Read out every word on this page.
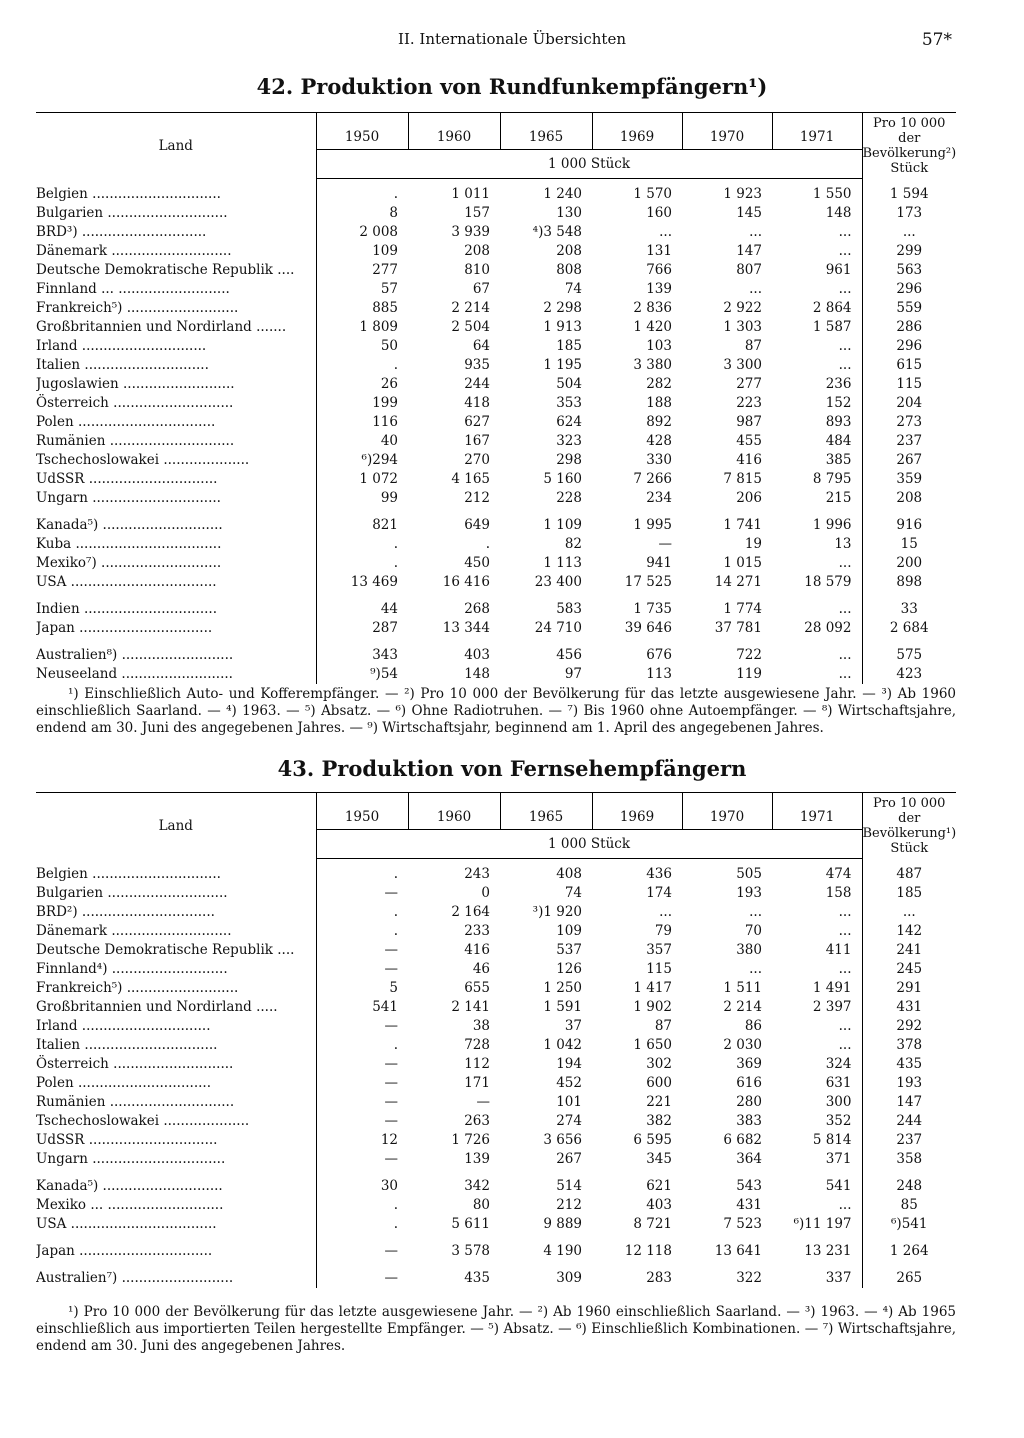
II. Internationale Übersichten	57*
42. Produktion von Rundfunkempfängern¹)
Land	1950	1960	1965	1969	1970	1971	Pro 10 000 der Bevölkerung²) Stück
	1 000 Stück						
Belgien ..............................	.	1 011	1 240	1 570	1 923	1 550	1 594
Bulgarien ............................	8	157	130	160	145	148	173
BRD³) .............................	2 008	3 939	⁴)3 548	...	...	...	...
Dänemark ............................	109	208	208	131	147	...	299
Deutsche Demokratische Republik ....	277	810	808	766	807	961	563
Finnland ... ..........................	57	67	74	139	...	...	296
Frankreich⁵) ..........................	885	2 214	2 298	2 836	2 922	2 864	559
Großbritannien und Nordirland .......	1 809	2 504	1 913	1 420	1 303	1 587	286
Irland .............................	50	64	185	103	87	...	296
Italien .............................	.	935	1 195	3 380	3 300	...	615
Jugoslawien ..........................	26	244	504	282	277	236	115
Österreich ............................	199	418	353	188	223	152	204
Polen ................................	116	627	624	892	987	893	273
Rumänien .............................	40	167	323	428	455	484	237
Tschechoslowakei ....................	⁶)294	270	298	330	416	385	267
UdSSR ..............................	1 072	4 165	5 160	7 266	7 815	8 795	359
Ungarn ..............................	99	212	228	234	206	215	208
Kanada⁵) ............................	821	649	1 109	1 995	1 741	1 996	916
Kuba ..................................	.	.	82	—	19	13	15
Mexiko⁷) ............................	.	450	1 113	941	1 015	...	200
USA ..................................	13 469	16 416	23 400	17 525	14 271	18 579	898
Indien ...............................	44	268	583	1 735	1 774	...	33
Japan ...............................	287	13 344	24 710	39 646	37 781	28 092	2 684
Australien⁸) ..........................	343	403	456	676	722	...	575
Neuseeland ..........................	⁹)54	148	97	113	119	...	423
¹) Einschließlich Auto- und Kofferempfänger. — ²) Pro 10 000 der Bevölkerung für das letzte ausgewiesene Jahr. — ³) Ab 1960 einschließlich Saarland. — ⁴) 1963. — ⁵) Absatz. — ⁶) Ohne Radiotruhen. — ⁷) Bis 1960 ohne Autoempfänger. — ⁸) Wirtschaftsjahre, endend am 30. Juni des angegebenen Jahres. — ⁹) Wirtschaftsjahr, beginnend am 1. April des angegebenen Jahres.
43. Produktion von Fernsehempfängern
Land	1950	1960	1965	1969	1970	1971	Pro 10 000 der Bevölkerung¹) Stück
	1 000 Stück						
Belgien ..............................	.	243	408	436	505	474	487
Bulgarien ............................	—	0	74	174	193	158	185
BRD²) ...............................	.	2 164	³)1 920	...	...	...	...
Dänemark ............................	.	233	109	79	70	...	142
Deutsche Demokratische Republik ....	—	416	537	357	380	411	241
Finnland⁴) ...........................	—	46	126	115	...	...	245
Frankreich⁵) ..........................	5	655	1 250	1 417	1 511	1 491	291
Großbritannien und Nordirland .....	541	2 141	1 591	1 902	2 214	2 397	431
Irland ..............................	—	38	37	87	86	...	292
Italien ...............................	.	728	1 042	1 650	2 030	...	378
Österreich ............................	—	112	194	302	369	324	435
Polen ...............................	—	171	452	600	616	631	193
Rumänien .............................	—	—	101	221	280	300	147
Tschechoslowakei ....................	—	263	274	382	383	352	244
UdSSR ..............................	12	1 726	3 656	6 595	6 682	5 814	237
Ungarn ...............................	—	139	267	345	364	371	358
Kanada⁵) ............................	30	342	514	621	543	541	248
Mexiko ... ...........................	.	80	212	403	431	...	85
USA ..................................	.	5 611	9 889	8 721	7 523	⁶)11 197	⁶)541
Japan ...............................	—	3 578	4 190	12 118	13 641	13 231	1 264
Australien⁷) ..........................	—	435	309	283	322	337	265
¹) Pro 10 000 der Bevölkerung für das letzte ausgewiesene Jahr. — ²) Ab 1960 einschließlich Saarland. — ³) 1963. — ⁴) Ab 1965 einschließlich aus importierten Teilen hergestellte Empfänger. — ⁵) Absatz. — ⁶) Einschließlich Kombinationen. — ⁷) Wirtschaftsjahre, endend am 30. Juni des angegebenen Jahres.
